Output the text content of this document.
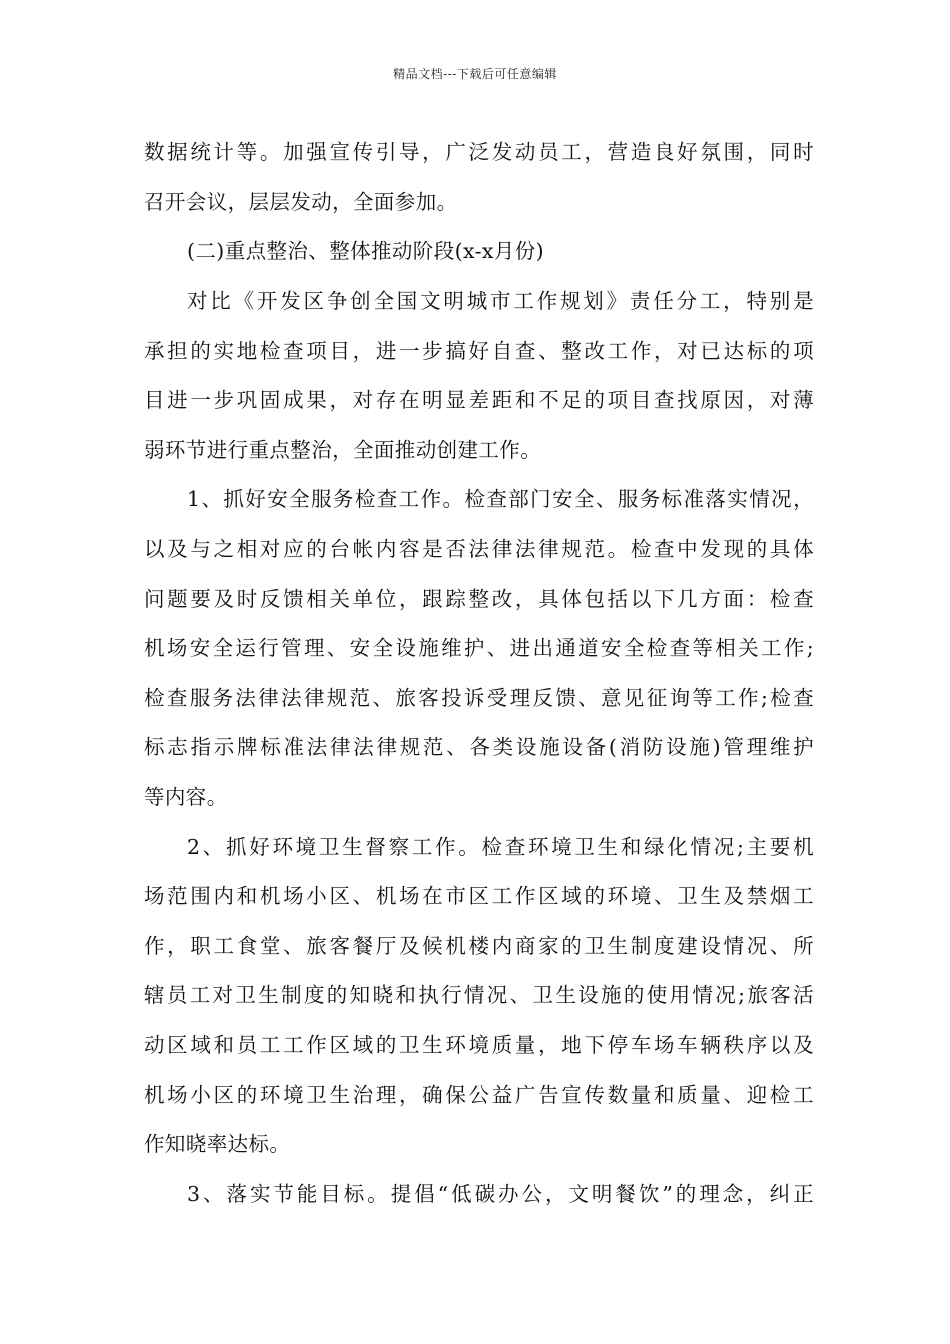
精品文档---下载后可任意编辑
数据统计等。加强宣传引导，广泛发动员工，营造良好氛围，同时
召开会议，层层发动，全面参加。
(二)重点整治、整体推动阶段(x-x月份)
对比《开发区争创全国文明城市工作规划》责任分工，特别是
承担的实地检查项目，进一步搞好自查、整改工作，对已达标的项
目进一步巩固成果，对存在明显差距和不足的项目查找原因，对薄
弱环节进行重点整治，全面推动创建工作。
1、抓好安全服务检查工作。检查部门安全、服务标准落实情况，
以及与之相对应的台帐内容是否法律法律规范。检查中发现的具体
问题要及时反馈相关单位，跟踪整改，具体包括以下几方面：检查
机场安全运行管理、安全设施维护、进出通道安全检查等相关工作;
检查服务法律法律规范、旅客投诉受理反馈、意见征询等工作;检查
标志指示牌标准法律法律规范、各类设施设备(消防设施)管理维护
等内容。
2、抓好环境卫生督察工作。检查环境卫生和绿化情况;主要机
场范围内和机场小区、机场在市区工作区域的环境、卫生及禁烟工
作，职工食堂、旅客餐厅及候机楼内商家的卫生制度建设情况、所
辖员工对卫生制度的知晓和执行情况、卫生设施的使用情况;旅客活
动区域和员工工作区域的卫生环境质量，地下停车场车辆秩序以及
机场小区的环境卫生治理，确保公益广告宣传数量和质量、迎检工
作知晓率达标。
3、落实节能目标。提倡“低碳办公，文明餐饮”的理念，纠正
